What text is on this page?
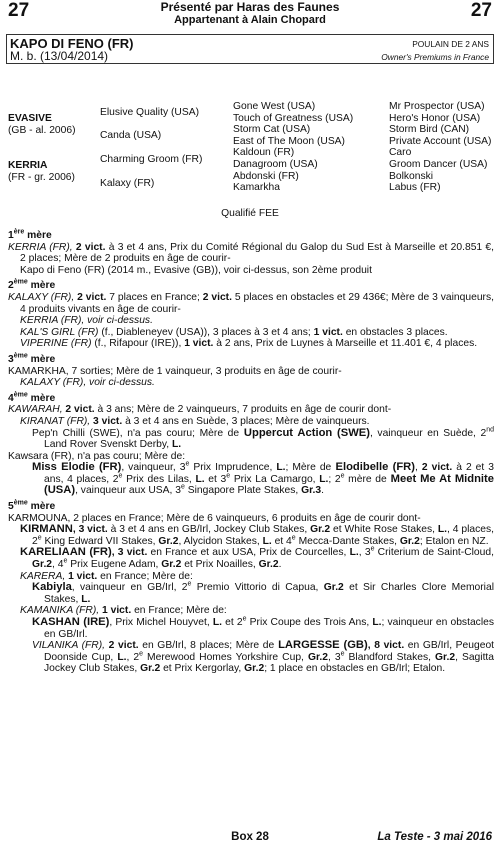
27	27
Présenté par Haras des Faunes
Appartenant à Alain Chopard
KAPO DI FENO (FR)
M. b. (13/04/2014)
POULAIN DE 2 ANS
Owner's Premiums in France
EVASIVE
(GB - al. 2006)
KERRIA
(FR - gr. 2006)
Elusive Quality (USA)
Canda (USA)
Charming Groom (FR)
Kalaxy (FR)
Gone West (USA)
Touch of Greatness (USA)
Storm Cat (USA)
East of The Moon (USA)
Kaldoun (FR)
Danagroom (USA)
Abdonski (FR)
Kamarkha
Mr Prospector (USA)
Hero's Honor (USA)
Storm Bird (CAN)
Private Account (USA)
Caro
Groom Dancer (USA)
Bolkonski
Labus (FR)
Qualifié FEE
1ère mère

KERRIA (FR), 2 vict. à 3 et 4 ans, Prix du Comité Régional du Galop du Sud Est à Marseille et 20.851 €, 2 places; Mère de 2 produits en âge de courir-

Kapo di Feno (FR) (2014 m., Evasive (GB)), voir ci-dessus, son 2ème produit

2ème mère

KALAXY (FR), 2 vict. 7 places en France; 2 vict. 5 places en obstacles et 29 436€; Mère de 3 vainqueurs, 4 produits vivants en âge de courir-

KERRIA (FR), voir ci-dessus.

KAL'S GIRL (FR) (f., Diableneyev (USA)), 3 places à 3 et 4 ans; 1 vict. en obstacles 3 places.

VIPERINE (FR) (f., Rifapour (IRE)), 1 vict. à 2 ans, Prix de Luynes à Marseille et 11.401 €, 4 places.

3ème mère

KAMARKHA, 7 sorties; Mère de 1 vainqueur, 3 produits en âge de courir-

KALAXY (FR), voir ci-dessus.

4ème mère

KAWARAH, 2 vict. à 3 ans; Mère de 2 vainqueurs, 7 produits en âge de courir dont-

KIRANAT (FR), 3 vict. à 3 et 4 ans en Suède, 3 places; Mère de vainqueurs.

Pep'n Chilli (SWE), n'a pas couru; Mère de Uppercut Action (SWE), vainqueur en Suède, 2nd Land Rover Svenskt Derby, L.

Kawsara (FR), n'a pas couru; Mère de:

Miss Elodie (FR), vainqueur, 3e Prix Imprudence, L.; Mère de Elodibelle (FR), 2 vict. à 2 et 3 ans, 4 places, 2e Prix des Lilas, L. et 3e Prix La Camargo, L.; 2e mère de Meet Me At Midnite (USA), vainqueur aux USA, 3e Singapore Plate Stakes, Gr.3.

5ème mère

KARMOUNA, 2 places en France; Mère de 6 vainqueurs, 6 produits en âge de courir dont-

KIRMANN, 3 vict. à 3 et 4 ans en GB/Irl, Jockey Club Stakes, Gr.2 et White Rose Stakes, L., 4 places, 2e King Edward VII Stakes, Gr.2, Alycidon Stakes, L. et 4e Mecca-Dante Stakes, Gr.2; Etalon en NZ.

KARELIAAN (FR), 3 vict. en France et aux USA, Prix de Courcelles, L., 3e Criterium de Saint-Cloud, Gr.2, 4e Prix Eugene Adam, Gr.2 et Prix Noailles, Gr.2.

KARERA, 1 vict. en France; Mère de:

Kabiyla, vainqueur en GB/Irl, 2e Premio Vittorio di Capua, Gr.2 et Sir Charles Clore Memorial Stakes, L.

KAMANIKA (FR), 1 vict. en France; Mère de:

KASHAN (IRE), Prix Michel Houyvet, L. et 2e Prix Coupe des Trois Ans, L.; vainqueur en obstacles en GB/Irl.

VILANIKA (FR), 2 vict. en GB/Irl, 8 places; Mère de LARGESSE (GB), 8 vict. en GB/Irl, Peugeot Doonside Cup, L., 2e Merewood Homes Yorkshire Cup, Gr.2, 3e Blandford Stakes, Gr.2, Sagitta Jockey Club Stakes, Gr.2 et Prix Kergorlay, Gr.2; 1 place en obstacles en GB/Irl; Etalon.

Box 28	La Teste - 3 mai 2016
